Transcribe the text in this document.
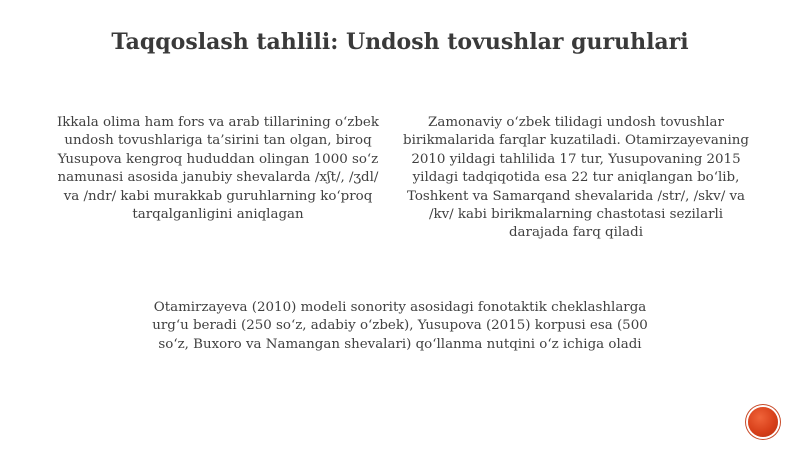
Taqqoslash tahlili: Undosh tovushlar guruhlari
Ikkala olima ham fors va arab tillarining o‘zbek undosh tovushlariga ta’sirini tan olgan, biroq Yusupova kengroq hududdan olingan 1000 so‘z namunasi asosida janubiy shevalarda /xʃt/, /ʒdl/ va /ndr/ kabi murakkab guruhlarning ko‘proq tarqalganligini aniqlagan
Zamonaviy o‘zbek tilidagi undosh tovushlar birikmalarida farqlar kuzatiladi. Otamirzayevaning 2010 yildagi tahlilida 17 tur, Yusupovaning 2015 yildagi tadqiqotida esa 22 tur aniqlangan bo‘lib, Toshkent va Samarqand shevalarida /str/, /skv/ va /kv/ kabi birikmalarning chastotasi sezilarli darajada farq qiladi
Otamirzayeva (2010) modeli sonority asosidagi fonotaktik cheklashlarga urg‘u beradi (250 so‘z, adabiy o‘zbek), Yusupova (2015) korpusi esa (500 so‘z, Buxoro va Namangan shevalari) qo‘llanma nutqini o‘z ichiga oladi
